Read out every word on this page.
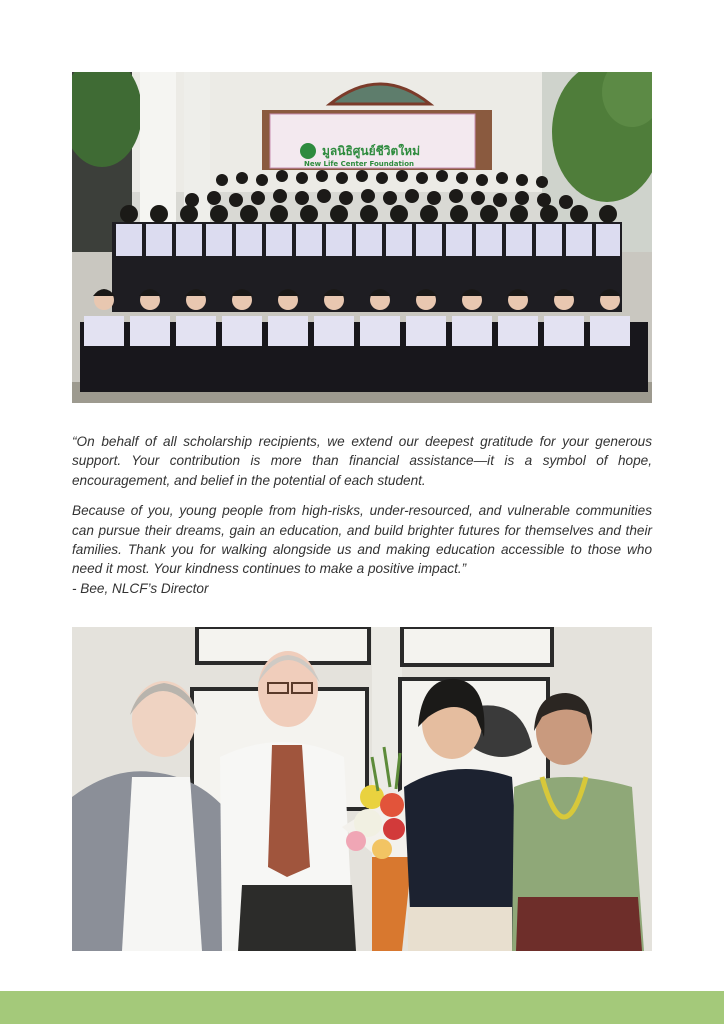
มูลนิธิศูนย์ชีวิตใหม่
New Life Center Foundation

“On behalf of all scholarship recipients, we extend our deepest gratitude for your generous support. Your contribution is more than financial assistance—it is a symbol of hope, encouragement, and belief in the potential of each student.

Because of you, young people from high-risks, under-resourced, and vulnerable communities can pursue their dreams, gain an education, and build brighter futures for themselves and their families. Thank you for walking alongside us and making education accessible to those who need it most. Your kindness continues to make a positive impact.”

- Bee, NLCF’s Director
